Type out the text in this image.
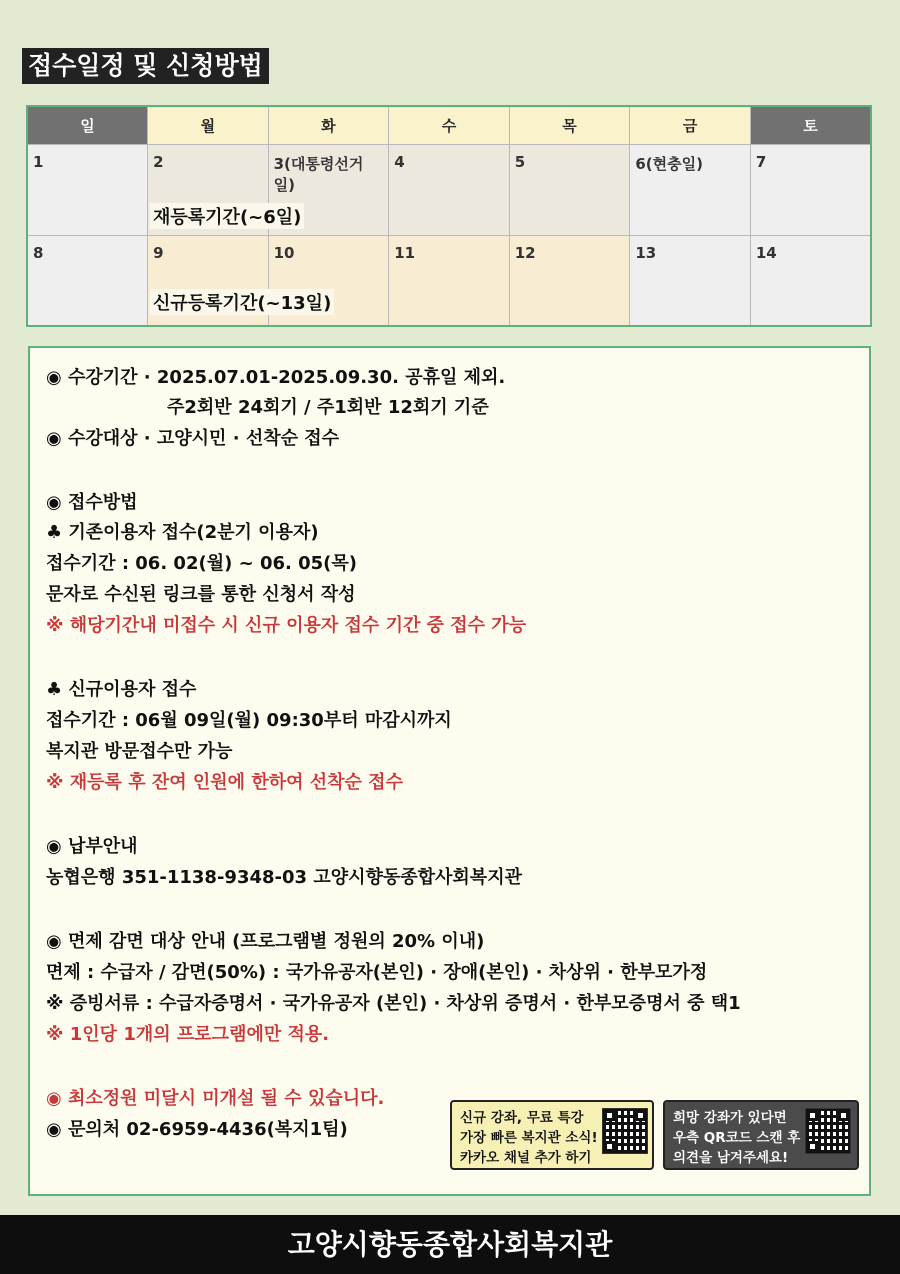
접수일정 및 신청방법
일	월	화	수	목	금	토
1	2	3(대통령선거일)	4	5	6(현충일)	7
8	9	10	11	12	13	14
재등록기간(~6일)
신규등록기간(~13일)
◉ 수강기간 · 2025.07.01-2025.09.30. 공휴일 제외.
주2회반 24회기 / 주1회반 12회기 기준
◉ 수강대상 · 고양시민 · 선착순 접수
◉ 접수방법
♣ 기존이용자 접수(2분기 이용자)
접수기간 : 06. 02(월) ~ 06. 05(목)
문자로 수신된 링크를 통한 신청서 작성
※ 해당기간내 미접수 시 신규 이용자 접수 기간 중 접수 가능
♣ 신규이용자 접수
접수기간 : 06월 09일(월) 09:30부터 마감시까지
복지관 방문접수만 가능
※ 재등록 후 잔여 인원에 한하여 선착순 접수
◉ 납부안내
농협은행 351-1138-9348-03 고양시향동종합사회복지관
◉ 면제 감면 대상 안내 (프로그램별 정원의 20% 이내)
면제 : 수급자 / 감면(50%) : 국가유공자(본인) · 장애(본인) · 차상위 · 한부모가정
※ 증빙서류 : 수급자증명서 · 국가유공자 (본인) · 차상위 증명서 · 한부모증명서 중 택1
※ 1인당 1개의 프로그램에만 적용.
◉ 최소정원 미달시 미개설 될 수 있습니다.
◉ 문의처 02-6959-4436(복지1팀)
신규 강좌, 무료 특강
가장 빠른 복지관 소식!
카카오 채널 추가 하기
희망 강좌가 있다면
우측 QR코드 스캔 후
의견을 남겨주세요!
고양시향동종합사회복지관
